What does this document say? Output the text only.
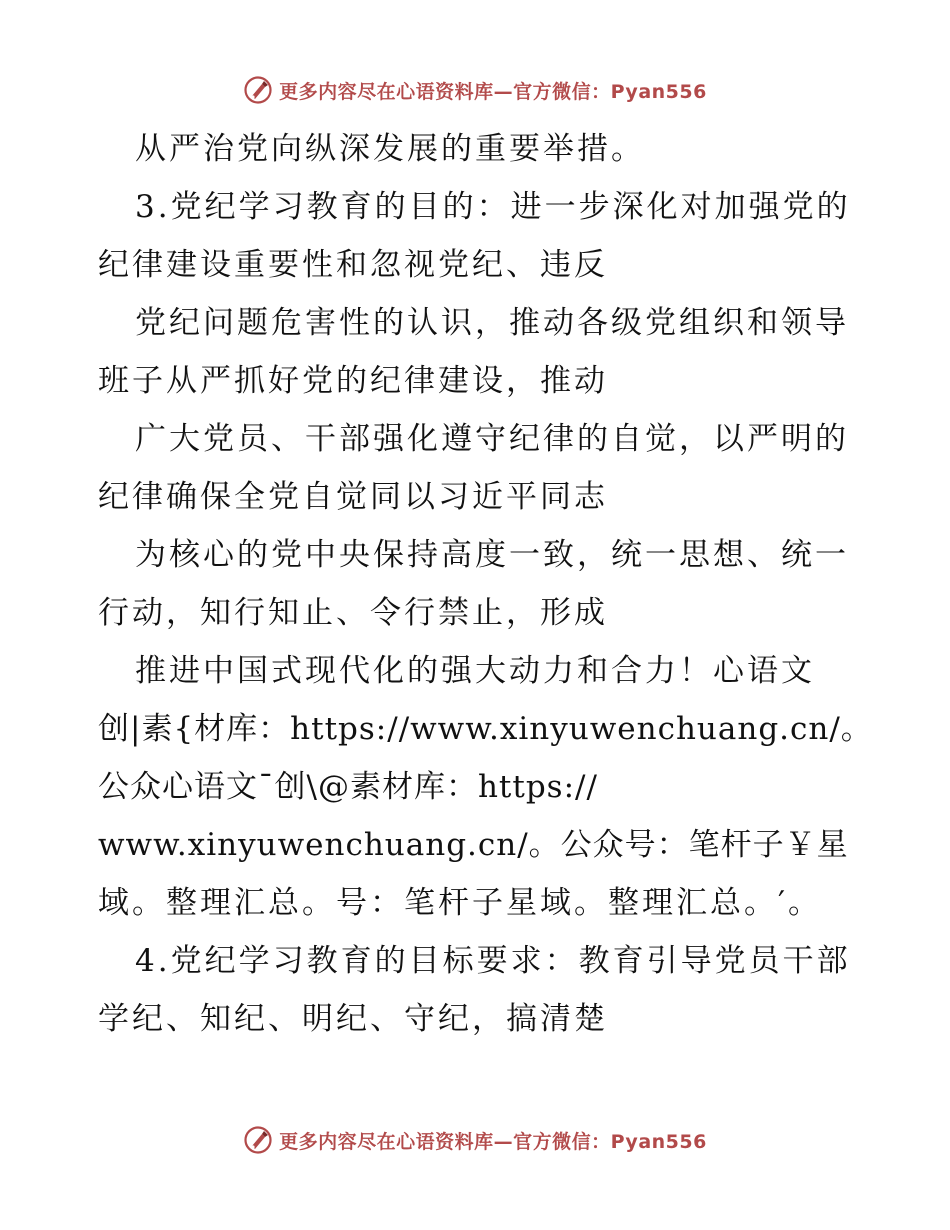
更多内容尽在心语资料库—官方微信：Pyan556
从严治党向纵深发展的重要举措。
3.党纪学习教育的目的：进一步深化对加强党的
纪律建设重要性和忽视党纪、违反
党纪问题危害性的认识，推动各级党组织和领导
班子从严抓好党的纪律建设，推动
广大党员、干部强化遵守纪律的自觉，以严明的
纪律确保全党自觉同以习近平同志
为核心的党中央保持高度一致，统一思想、统一
行动，知行知止、令行禁止，形成
推进中国式现代化的强大动力和合力！心语文
创|素{材库：https://www.xinyuwenchuang.cn/。
公众心语文¯创\@素材库：https://
www.xinyuwenchuang.cn/。公众号：笔杆子￥星
域。整理汇总。号：笔杆子星域。整理汇总。′。
4.党纪学习教育的目标要求：教育引导党员干部
学纪、知纪、明纪、守纪，搞清楚
更多内容尽在心语资料库—官方微信：Pyan556
